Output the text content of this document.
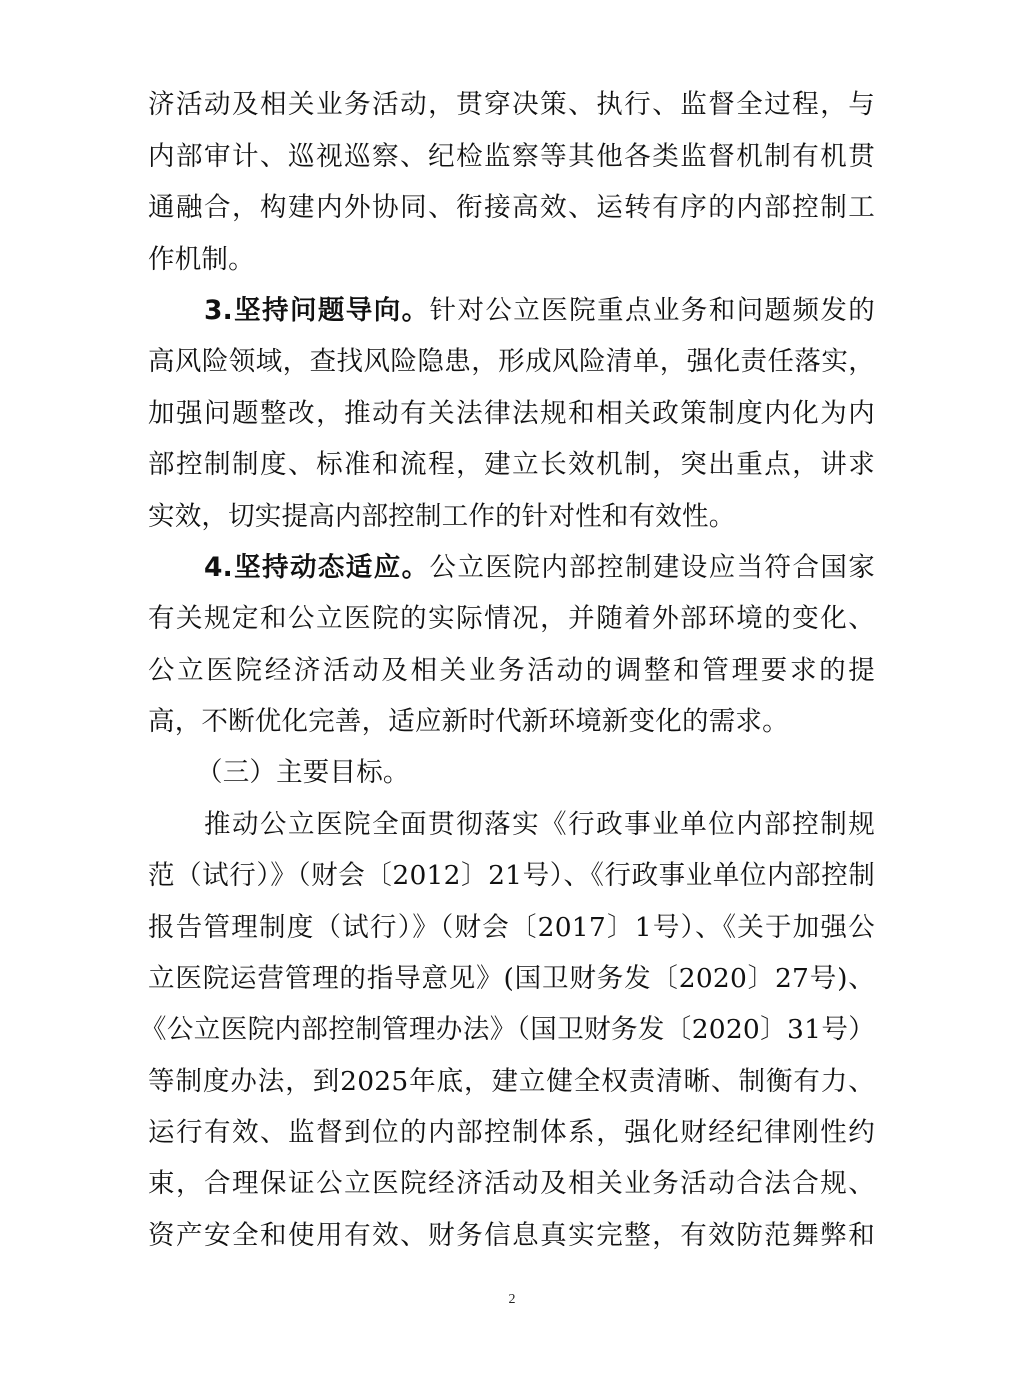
济活动及相关业务活动，贯穿决策、执行、监督全过程，与
内部审计、巡视巡察、纪检监察等其他各类监督机制有机贯
通融合，构建内外协同、衔接高效、运转有序的内部控制工
作机制。
3.坚持问题导向。针对公立医院重点业务和问题频发的
高风险领域，查找风险隐患，形成风险清单，强化责任落实，
加强问题整改，推动有关法律法规和相关政策制度内化为内
部控制制度、标准和流程，建立长效机制，突出重点，讲求
实效，切实提高内部控制工作的针对性和有效性。
4.坚持动态适应。公立医院内部控制建设应当符合国家
有关规定和公立医院的实际情况，并随着外部环境的变化、
公立医院经济活动及相关业务活动的调整和管理要求的提
高，不断优化完善，适应新时代新环境新变化的需求。
（三）主要目标。
推动公立医院全面贯彻落实《行政事业单位内部控制规
范（试行）》（财会〔2012〕21号）、《行政事业单位内部控制
报告管理制度（试行）》（财会〔2017〕1号）、《关于加强公
立医院运营管理的指导意见》(国卫财务发〔2020〕27号)、
《公立医院内部控制管理办法》（国卫财务发〔2020〕31号）
等制度办法，到2025年底，建立健全权责清晰、制衡有力、
运行有效、监督到位的内部控制体系，强化财经纪律刚性约
束，合理保证公立医院经济活动及相关业务活动合法合规、
资产安全和使用有效、财务信息真实完整，有效防范舞弊和
2
